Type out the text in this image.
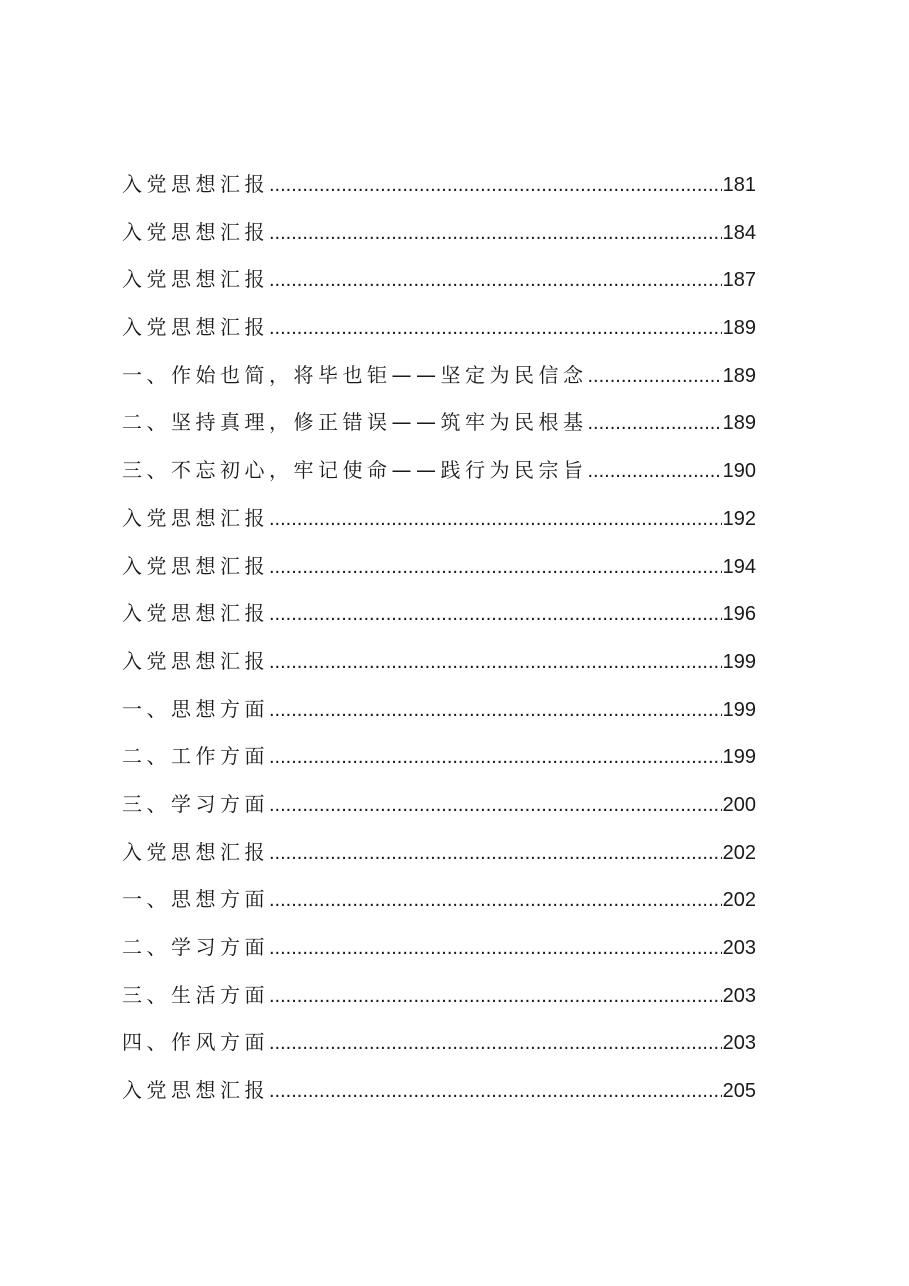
入党思想汇报 .....	181
入党思想汇报 .....	184
入党思想汇报 .....	187
入党思想汇报 .....	189
一、作始也简，将毕也钜——坚定为民信念 .....	189
二、坚持真理，修正错误——筑牢为民根基 .....	189
三、不忘初心，牢记使命——践行为民宗旨 .....	190
入党思想汇报 .....	192
入党思想汇报 .....	194
入党思想汇报 .....	196
入党思想汇报 .....	199
一、思想方面 .....	199
二、工作方面 .....	199
三、学习方面 .....	200
入党思想汇报 .....	202
一、思想方面 .....	202
二、学习方面 .....	203
三、生活方面 .....	203
四、作风方面 .....	203
入党思想汇报 .....	205
